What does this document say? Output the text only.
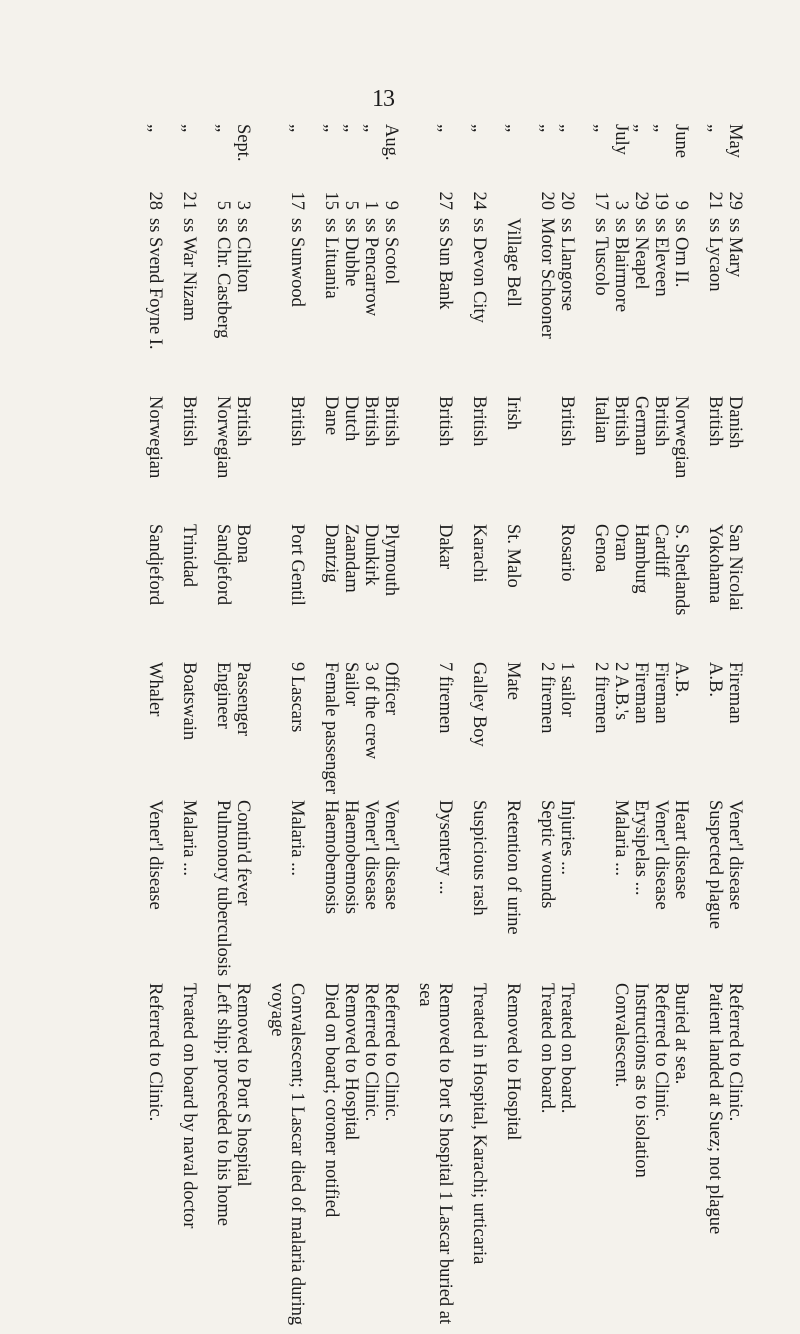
13
May	29	ss Mary	Danish	San Nicolai	Fireman	Vener'l disease	Referred to Clinic.
„	21	ss Lycaon	British	Yokohama	A.B.	Suspected plague	Patient landed at Suez; not plague
June	9	ss Orn II.	Norwegian	S. Shetlands	A.B.	Heart disease	Buried at sea.
„	19	ss Eleveen	British	Cardiff	Fireman	Vener'l disease	Referred to Clinic.
„	29	ss Neapel	German	Hamburg	Fireman	Erysipelas ...	Instructions as to isolation
July	3	ss Blairmore	British	Oran	2 A.B.'s	Malaria ...	Convalescent.
„	17	ss Tuscolo	Italian	Genoa	2 firemen		
„	20	ss Llangorse	British	Rosario	1 sailor	Injuries ...	Treated on board.
„	20	Motor Schooner			2 firemen	Septic wounds	Treated on board.
„		Village Bell	Irish	St. Malo	Mate	Retention of urine	Removed to Hospital
„	24	ss Devon City	British	Karachi	Galley Boy	Suspicious rash	Treated in Hospital, Karachi; urticaria
„	27	ss Sun Bank	British	Dakar	7 firemen	Dysentery ...	Removed to Port S hospital 1 Lascar buried at sea
Aug.	9	ss Scotol	British	Plymouth	Officer	Vener'l disease	Referred to Clinic.
„	1	ss Pencarrow	British	Dunkirk	3 of the crew	Vener'l disease	Referred to Clinic.
„	5	ss Dubhe	Dutch	Zaandam	Sailor	Haemobemosis	Removed to Hospital
„	15	ss Lituania	Dane	Dantzig	Female passenger	Haemobemosis	Died on board; coroner notified
„	17	ss Sunwood	British	Port Gentil	9 Lascars	Malaria ...	Convalescent; 1 Lascar died of malaria during voyage
Sept.	3	ss Chilton	British	Bona	Passenger	Contin'd fever	Removed to Port S hospital
„	5	ss Chr. Castberg	Norwegian	Sandjeford	Engineer	Pulmonory tuberculosis	Left ship; proceeded to his home
„	21	ss War Nizam	British	Trinidad	Boatswain	Malaria ...	Treated on board by naval doctor
„	28	ss Svend Foyne I.	Norwegian	Sandjeford	Whaler	Vener'l disease	Referred to Clinic.
